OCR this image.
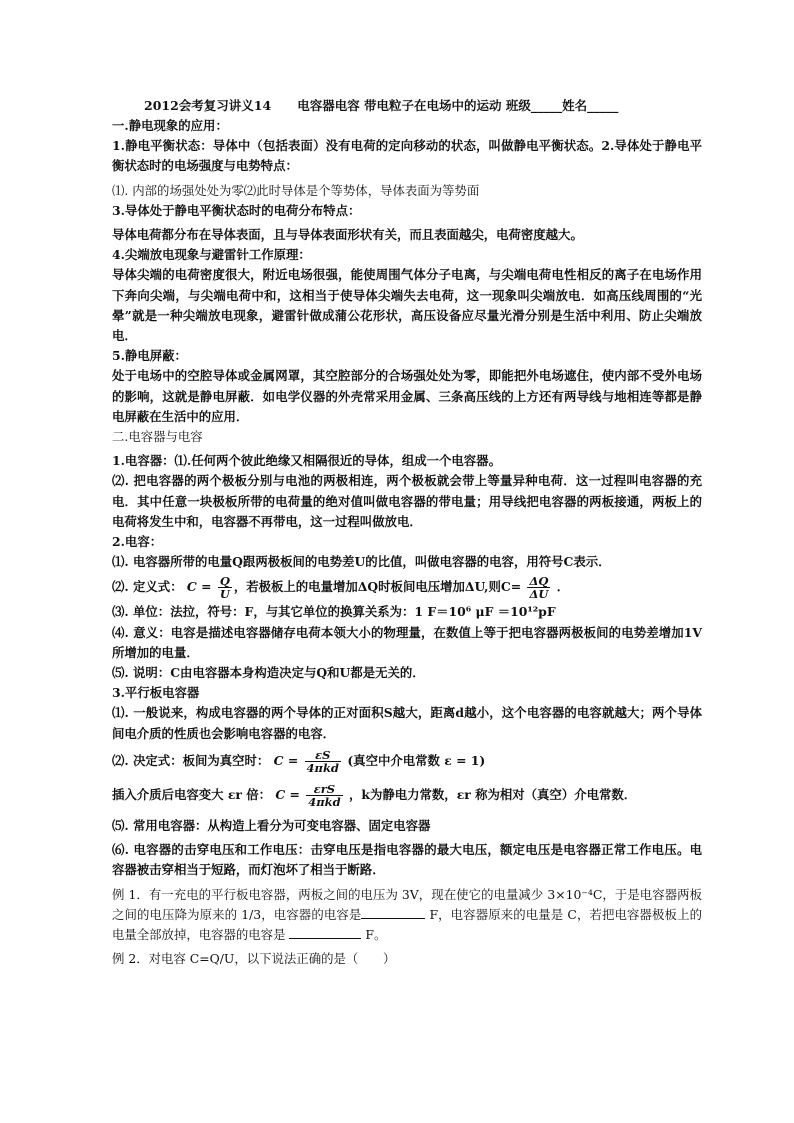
2012会考复习讲义14 电容器电容 带电粒子在电场中的运动 班级_____姓名_____

一.静电现象的应用：

1.静电平衡状态：导体中（包括表面）没有电荷的定向移动的状态，叫做静电平衡状态。2.导体处于静电平衡状态时的电场强度与电势特点：

⑴. 内部的场强处处为零⑵此时导体是个等势体，导体表面为等势面

3.导体处于静电平衡状态时的电荷分布特点：

导体电荷都分布在导体表面，且与导体表面形状有关，而且表面越尖，电荷密度越大。

4.尖端放电现象与避雷针工作原理：

导体尖端的电荷密度很大，附近电场很强，能使周围气体分子电离，与尖端电荷电性相反的离子在电场作用下奔向尖端，与尖端电荷中和，这相当于使导体尖端失去电荷，这一现象叫尖端放电．如高压线周围的“光晕”就是一种尖端放电现象，避雷针做成蒲公花形状，高压设备应尽量光滑分别是生活中利用、防止尖端放电．

5.静电屏蔽：

处于电场中的空腔导体或金属网罩，其空腔部分的合场强处处为零，即能把外电场遮住，使内部不受外电场的影响，这就是静电屏蔽．如电学仪器的外壳常采用金属、三条高压线的上方还有两导线与地相连等都是静电屏蔽在生活中的应用．

二.电容器与电容

1.电容器：⑴.任何两个彼此绝缘又相隔很近的导体，组成一个电容器。

⑵. 把电容器的两个极板分别与电池的两极相连，两个极板就会带上等量异种电荷．这一过程叫电容器的充电．其中任意一块极板所带的电荷量的绝对值叫做电容器的带电量；用导线把电容器的两板接通，两板上的电荷将发生中和，电容器不再带电，这一过程叫做放电．

2.电容：

⑴. 电容器所带的电量Q跟两极板间的电势差U的比值，叫做电容器的电容，用符号C表示．

⑵. 定义式： $C = \frac{Q}{U}$ ，若极板上的电量增加ΔQ时板间电压增加ΔU,则$C= \frac{\Delta Q}{\Delta U}$ ．

⑶. 单位：法拉，符号：F，与其它单位的换算关系为：1 F＝10⁶ μF ＝10¹²pF

⑷. 意义：电容是描述电容器储存电荷本领大小的物理量，在数值上等于把电容器两极板间的电势差增加1V所增加的电量．

⑸. 说明：C由电容器本身构造决定与Q和U都是无关的．

3.平行板电容器

⑴. 一般说来，构成电容器的两个导体的正对面积S越大，距离d越小，这个电容器的电容就越大；两个导体间电介质的性质也会影响电容器的电容．

⑵. 决定式：板间为真空时： $C = \frac{\varepsilon S}{\text{4πkd}}$ (真空中介电常数 ε = 1)

插入介质后电容变大 εr 倍： $C = \frac{\text{εrS}}{\text{4πkd}}$ ，k为静电力常数，εr 称为相对（真空）介电常数．

⑸. 常用电容器：从构造上看分为可变电容器、固定电容器

⑹. 电容器的击穿电压和工作电压：击穿电压是指电容器的最大电压，额定电压是电容器正常工作电压。电容器被击穿相当于短路，而灯泡坏了相当于断路．

例 1．有一充电的平行板电容器，两板之间的电压为 3V，现在使它的电量减少 3×10⁻⁴C，于是电容器两板之间的电压降为原来的 1/3，电容器的电容是	F，电容器原来的电量是 C，若把电容器极板上的电量全部放掉，电容器的电容是	F。

例 2．对电容 C=Q/U，以下说法正确的是（　　）
